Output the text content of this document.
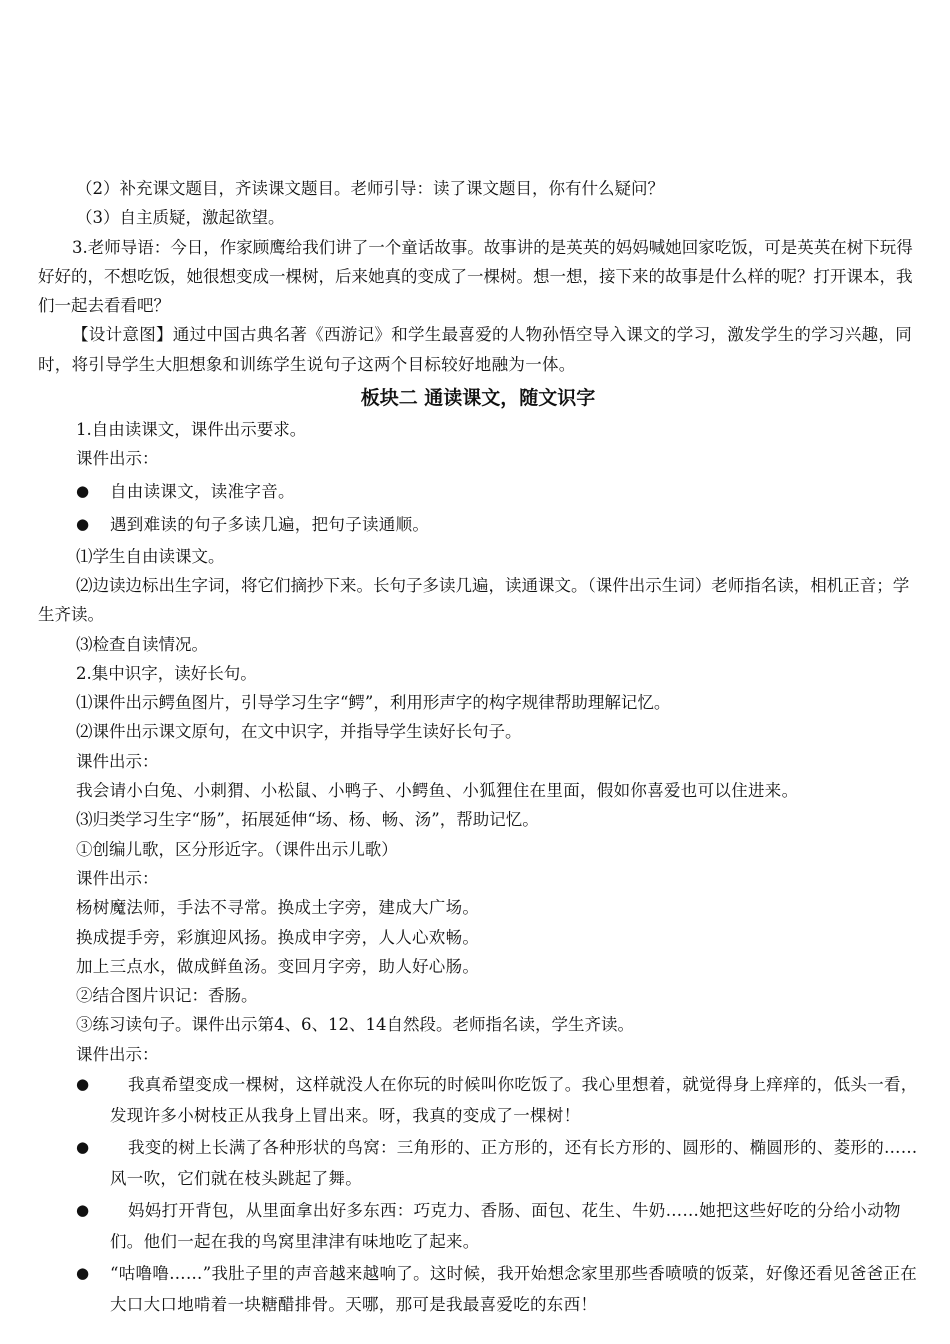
（2）补充课文题目，齐读课文题目。老师引导：读了课文题目，你有什么疑问？

（3）自主质疑，激起欲望。

3.老师导语：今日，作家顾鹰给我们讲了一个童话故事。故事讲的是英英的妈妈喊她回家吃饭，可是英英在树下玩得好好的，不想吃饭，她很想变成一棵树，后来她真的变成了一棵树。想一想，接下来的故事是什么样的呢？打开课本，我们一起去看看吧？

【设计意图】通过中国古典名著《西游记》和学生最喜爱的人物孙悟空导入课文的学习，激发学生的学习兴趣，同时，将引导学生大胆想象和训练学生说句子这两个目标较好地融为一体。

板块二 通读课文，随文识字

1.自由读课文，课件出示要求。

课件出示：

●	自由读课文，读准字音。
●	遇到难读的句子多读几遍，把句子读通顺。

⑴学生自由读课文。

⑵边读边标出生字词，将它们摘抄下来。长句子多读几遍，读通课文。（课件出示生词）老师指名读，相机正音；学生齐读。

⑶检查自读情况。

2.集中识字，读好长句。

⑴课件出示鳄鱼图片，引导学习生字“鳄”，利用形声字的构字规律帮助理解记忆。

⑵课件出示课文原句，在文中识字，并指导学生读好长句子。

课件出示：

我会请小白兔、小刺猬、小松鼠、小鸭子、小鳄鱼、小狐狸住在里面，假如你喜爱也可以住进来。

⑶归类学习生字“肠”，拓展延伸“场、杨、畅、汤”，帮助记忆。

①创编儿歌，区分形近字。（课件出示儿歌）

课件出示：

杨树魔法师，手法不寻常。换成土字旁，建成大广场。

换成提手旁，彩旗迎风扬。换成申字旁，人人心欢畅。

加上三点水，做成鲜鱼汤。变回月字旁，助人好心肠。

②结合图片识记：香肠。

③练习读句子。课件出示第4、6、12、14自然段。老师指名读，学生齐读。

课件出示：

●	我真希望变成一棵树，这样就没人在你玩的时候叫你吃饭了。我心里想着，就觉得身上痒痒的，低头一看，发现许多小树枝正从我身上冒出来。呀，我真的变成了一棵树！
●	我变的树上长满了各种形状的鸟窝：三角形的、正方形的，还有长方形的、圆形的、椭圆形的、菱形的……风一吹，它们就在枝头跳起了舞。
●	妈妈打开背包，从里面拿出好多东西：巧克力、香肠、面包、花生、牛奶……她把这些好吃的分给小动物们。他们一起在我的鸟窝里津津有味地吃了起来。
●	“咕噜噜……”我肚子里的声音越来越响了。这时候，我开始想念家里那些香喷喷的饭菜，好像还看见爸爸正在大口大口地啃着一块糖醋排骨。天哪，那可是我最喜爱吃的东西！
